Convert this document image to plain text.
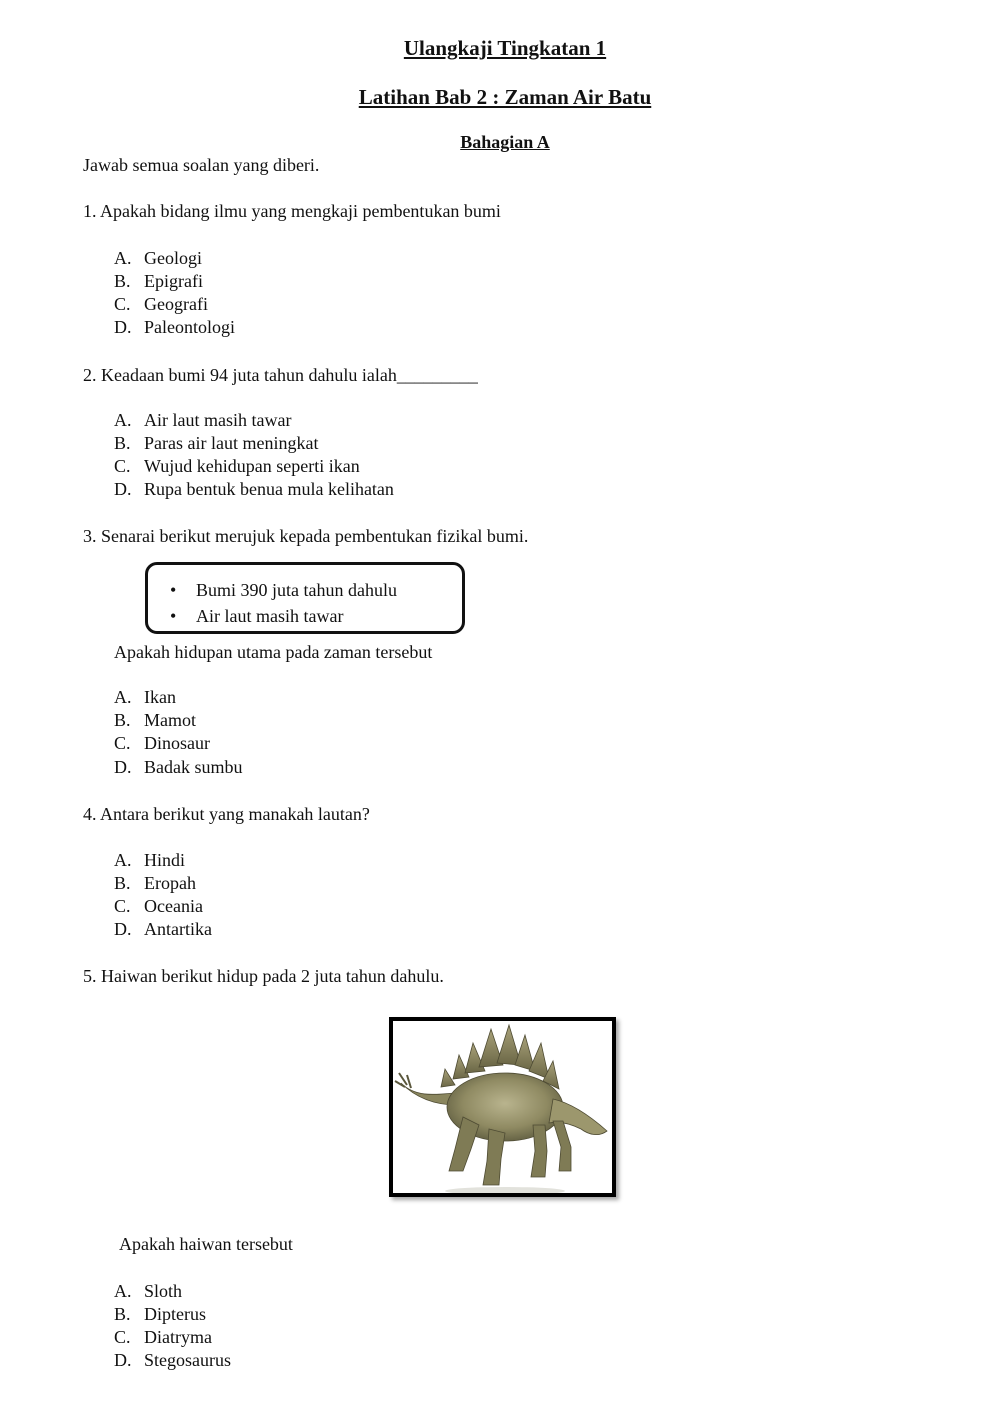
Ulangkaji Tingkatan 1
Latihan Bab 2 : Zaman Air Batu
Bahagian A
Jawab semua soalan yang diberi.
1. Apakah bidang ilmu yang mengkaji pembentukan bumi
A. Geologi
B. Epigrafi
C. Geografi
D. Paleontologi
2. Keadaan bumi 94 juta tahun dahulu ialah_________
A. Air laut masih tawar
B. Paras air laut meningkat
C. Wujud kehidupan seperti ikan
D. Rupa bentuk benua mula kelihatan
3. Senarai berikut merujuk kepada pembentukan fizikal bumi.
• Bumi 390 juta tahun dahulu
• Air laut masih tawar
Apakah hidupan utama pada zaman tersebut
A. Ikan
B. Mamot
C. Dinosaur
D. Badak sumbu
4. Antara berikut yang manakah lautan?
A. Hindi
B. Eropah
C. Oceania
D. Antartika
5. Haiwan berikut hidup pada 2 juta tahun dahulu.
Apakah haiwan tersebut
A. Sloth
B. Dipterus
C. Diatryma
D. Stegosaurus
